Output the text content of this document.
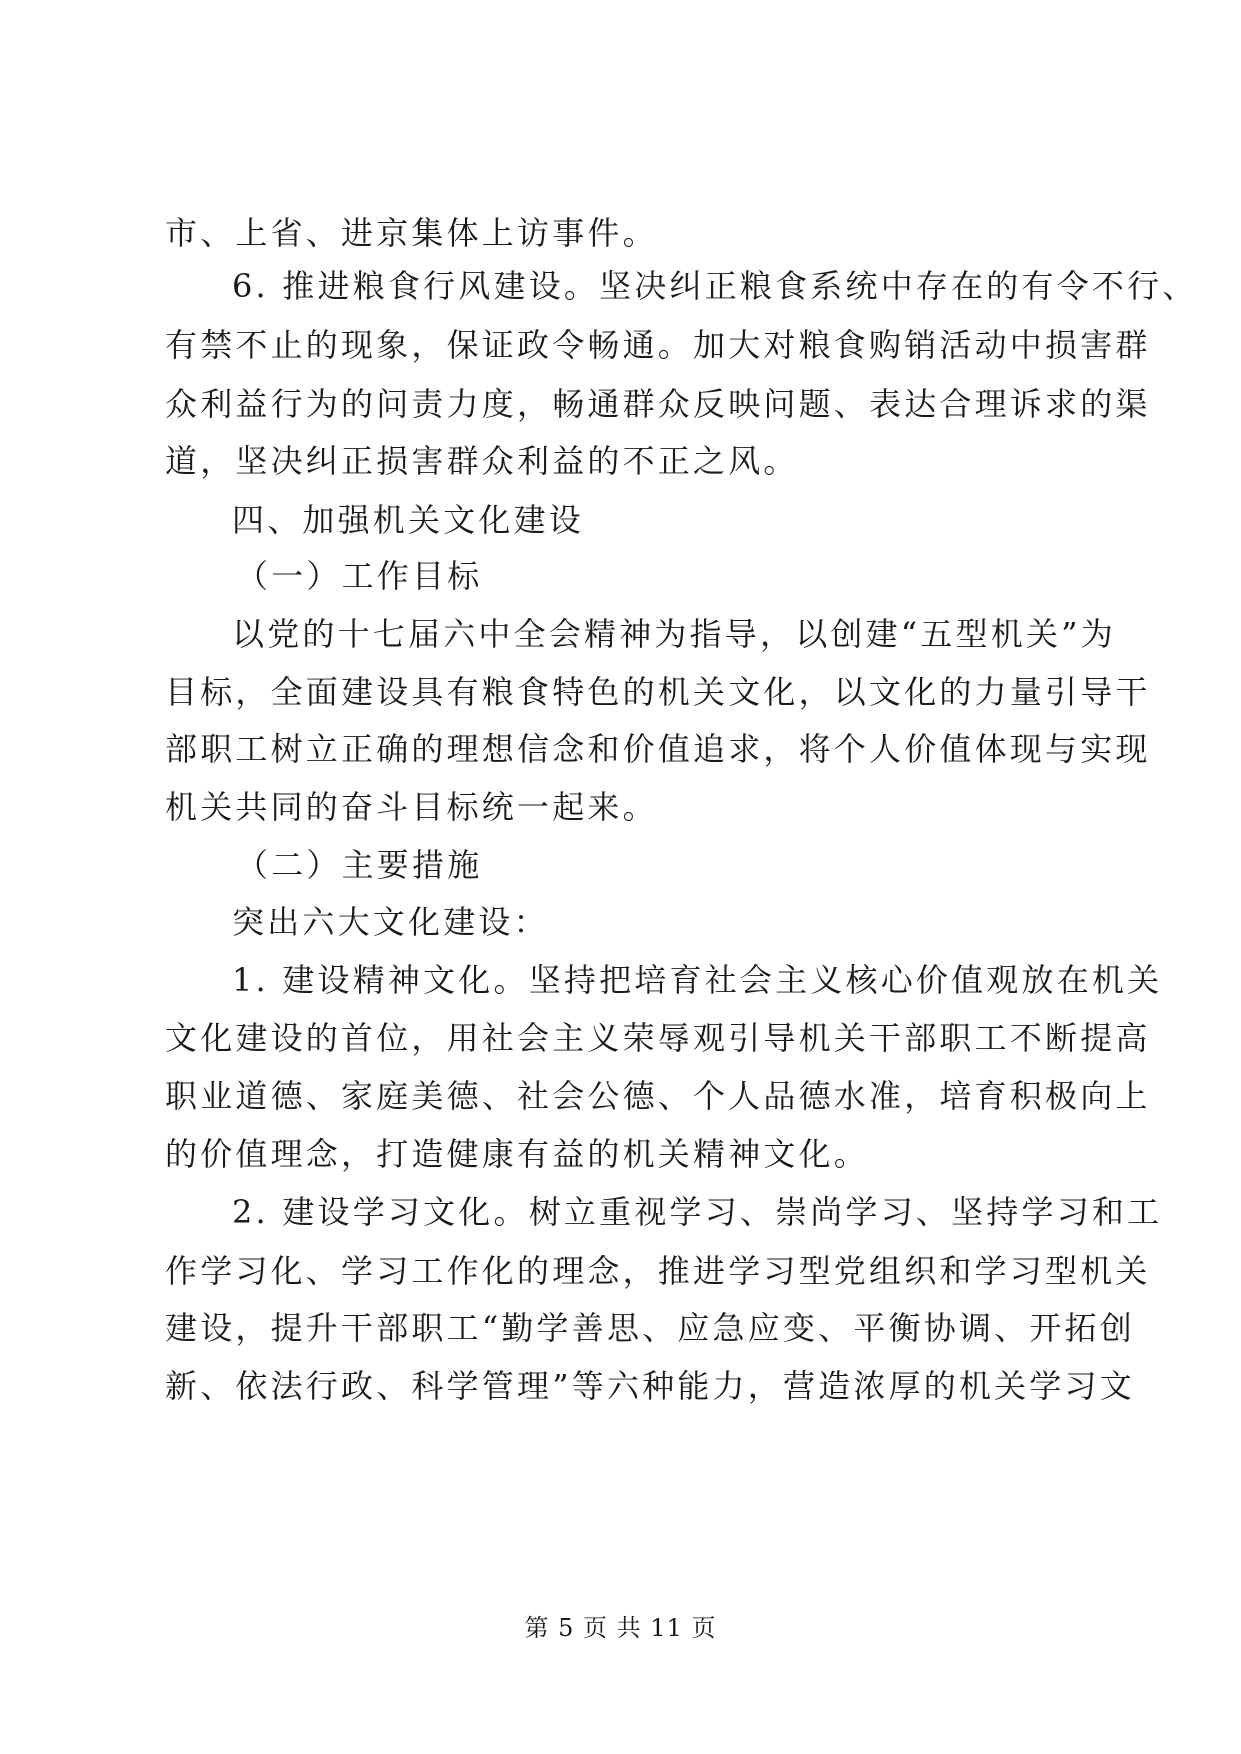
市、上省、进京集体上访事件。
6. 推进粮食行风建设。坚决纠正粮食系统中存在的有令不行、
有禁不止的现象，保证政令畅通。加大对粮食购销活动中损害群
众利益行为的问责力度，畅通群众反映问题、表达合理诉求的渠
道，坚决纠正损害群众利益的不正之风。
四、加强机关文化建设
（一）工作目标
以党的十七届六中全会精神为指导，以创建“五型机关”为
目标，全面建设具有粮食特色的机关文化，以文化的力量引导干
部职工树立正确的理想信念和价值追求，将个人价值体现与实现
机关共同的奋斗目标统一起来。
（二）主要措施
突出六大文化建设：
1. 建设精神文化。坚持把培育社会主义核心价值观放在机关
文化建设的首位，用社会主义荣辱观引导机关干部职工不断提高
职业道德、家庭美德、社会公德、个人品德水准，培育积极向上
的价值理念，打造健康有益的机关精神文化。
2. 建设学习文化。树立重视学习、崇尚学习、坚持学习和工
作学习化、学习工作化的理念，推进学习型党组织和学习型机关
建设，提升干部职工“勤学善思、应急应变、平衡协调、开拓创
新、依法行政、科学管理”等六种能力，营造浓厚的机关学习文
第 5 页 共 11 页
